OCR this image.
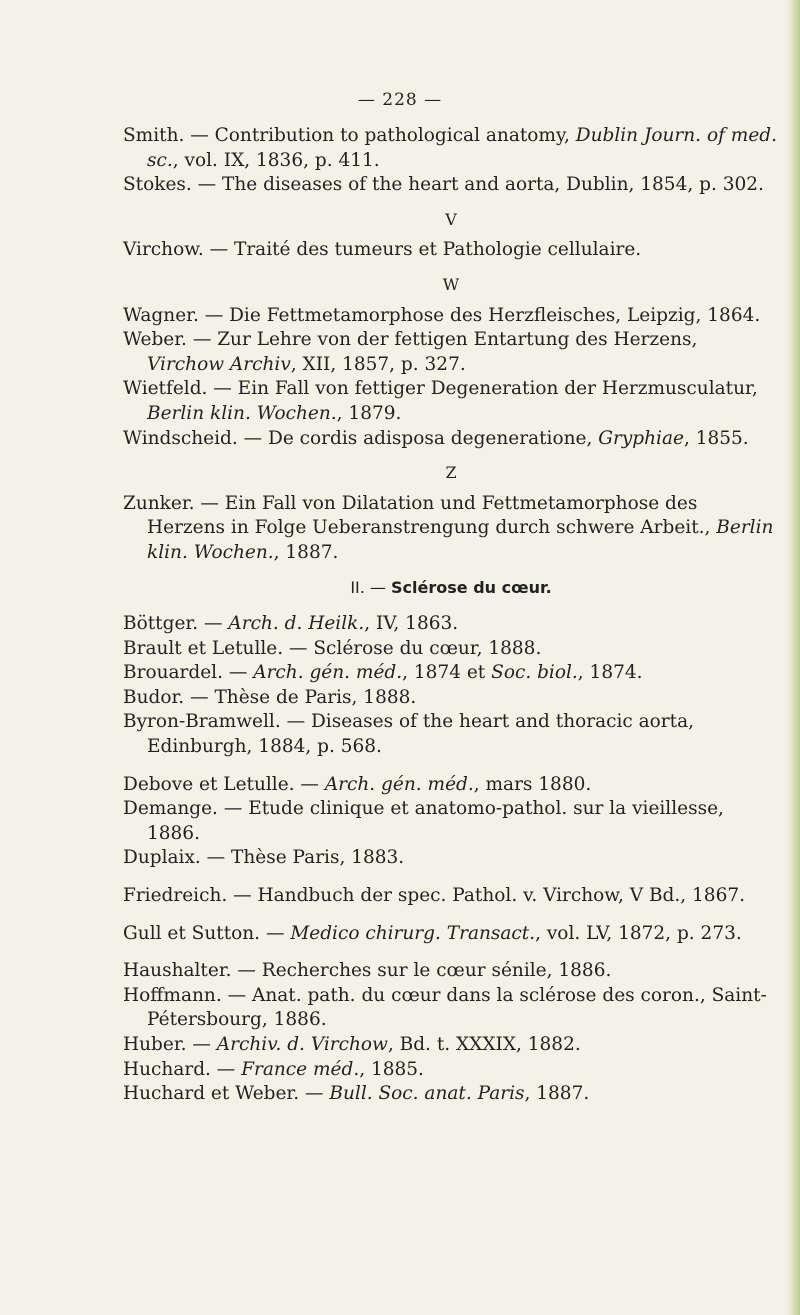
— 228 —

Smith. — Contribution to pathological anatomy, Dublin Journ. of med. sc., vol. IX, 1836, p. 411.

Stokes. — The diseases of the heart and aorta, Dublin, 1854, p. 302.

V

Virchow. — Traité des tumeurs et Pathologie cellulaire.

W

Wagner. — Die Fettmetamorphose des Herzfleisches, Leipzig, 1864.

Weber. — Zur Lehre von der fettigen Entartung des Herzens, Virchow Archiv, XII, 1857, p. 327.

Wietfeld. — Ein Fall von fettiger Degeneration der Herzmusculatur, Berlin klin. Wochen., 1879.

Windscheid. — De cordis adisposa degeneratione, Gryphiae, 1855.

Z

Zunker. — Ein Fall von Dilatation und Fettmetamorphose des Herzens in Folge Ueberanstrengung durch schwere Arbeit., Berlin klin. Wochen., 1887.

II. — Sclérose du cœur.

Böttger. — Arch. d. Heilk., IV, 1863.

Brault et Letulle. — Sclérose du cœur, 1888.

Brouardel. — Arch. gén. méd., 1874 et Soc. biol., 1874.

Budor. — Thèse de Paris, 1888.

Byron-Bramwell. — Diseases of the heart and thoracic aorta, Edinburgh, 1884, p. 568.

Debove et Letulle. — Arch. gén. méd., mars 1880.

Demange. — Etude clinique et anatomo-pathol. sur la vieillesse, 1886.

Duplaix. — Thèse Paris, 1883.

Friedreich. — Handbuch der spec. Pathol. v. Virchow, V Bd., 1867.

Gull et Sutton. — Medico chirurg. Transact., vol. LV, 1872, p. 273.

Haushalter. — Recherches sur le cœur sénile, 1886.

Hoffmann. — Anat. path. du cœur dans la sclérose des coron., Saint-Pétersbourg, 1886.

Huber. — Archiv. d. Virchow, Bd. t. XXXIX, 1882.

Huchard. — France méd., 1885.

Huchard et Weber. — Bull. Soc. anat. Paris, 1887.
